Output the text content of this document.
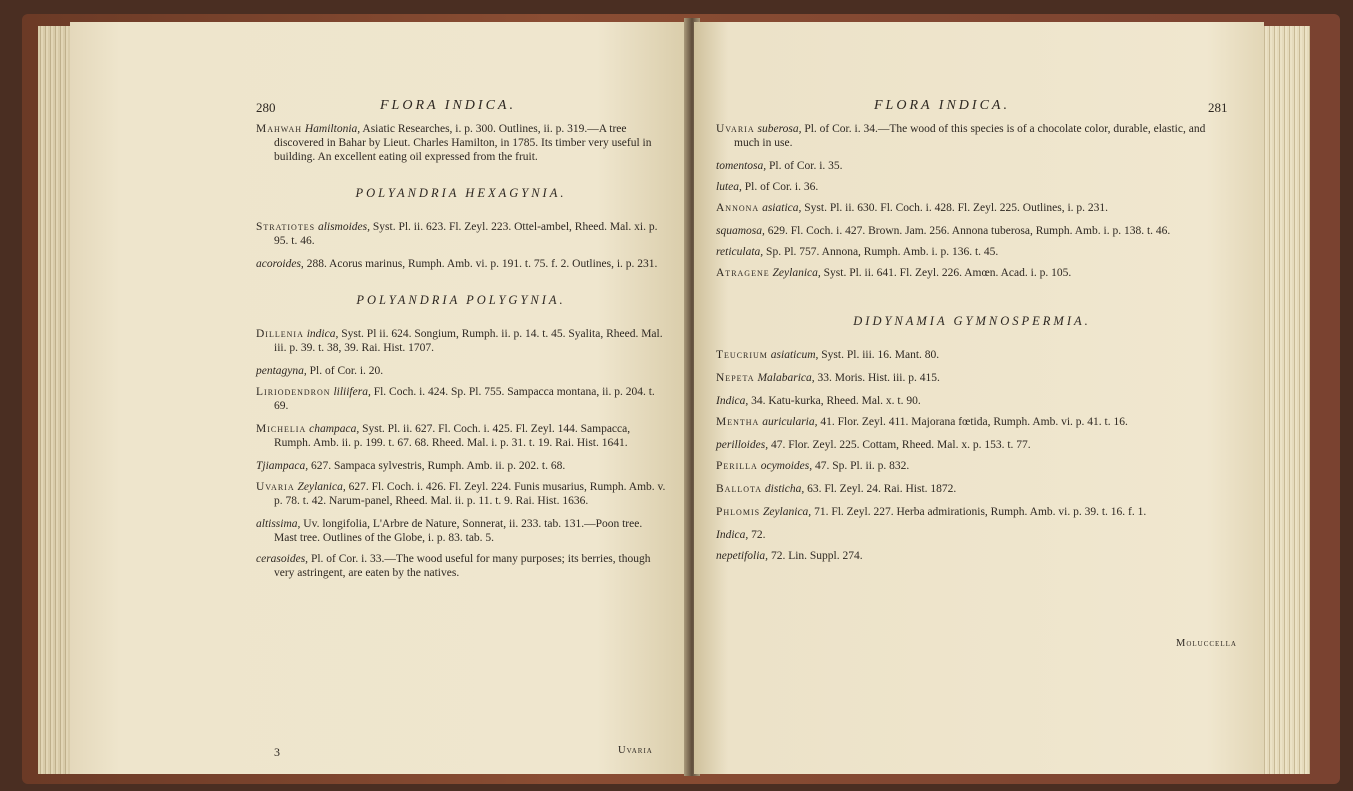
280	FLORA INDICA.
Mahwah Hamiltonia, Asiatic Researches, i. p. 300. Outlines, ii. p. 319.—A tree discovered in Bahar by Lieut. Charles Hamilton, in 1785. Its timber very useful in building. An excellent eating oil expressed from the fruit.
POLYANDRIA HEXAGYNIA.
Stratiotes alismoides, Syst. Pl. ii. 623. Fl. Zeyl. 223. Ottel-ambel, Rheed. Mal. xi. p. 95. t. 46.
acoroides, 288. Acorus marinus, Rumph. Amb. vi. p. 191. t. 75. f. 2. Outlines, i. p. 231.
POLYANDRIA POLYGYNIA.
Dillenia indica, Syst. Pl ii. 624. Songium, Rumph. ii. p. 14. t. 45. Syalita, Rheed. Mal. iii. p. 39. t. 38, 39. Rai. Hist. 1707.
pentagyna, Pl. of Cor. i. 20.
Liriodendron liliifera, Fl. Coch. i. 424. Sp. Pl. 755. Sampacca montana, ii. p. 204. t. 69.
Michelia champaca, Syst. Pl. ii. 627. Fl. Coch. i. 425. Fl. Zeyl. 144. Sampacca, Rumph. Amb. ii. p. 199. t. 67. 68. Rheed. Mal. i. p. 31. t. 19. Rai. Hist. 1641.
Tjiampaca, 627. Sampaca sylvestris, Rumph. Amb. ii. p. 202. t. 68.
Uvaria Zeylanica, 627. Fl. Coch. i. 426. Fl. Zeyl. 224. Funis musarius, Rumph. Amb. v. p. 78. t. 42. Narum-panel, Rheed. Mal. ii. p. 11. t. 9. Rai. Hist. 1636.
altissima, Uv. longifolia, L'Arbre de Nature, Sonnerat, ii. 233. tab. 131.—Poon tree. Mast tree. Outlines of the Globe, i. p. 83. tab. 5.
cerasoides, Pl. of Cor. i. 33.—The wood useful for many purposes; its berries, though very astringent, are eaten by the natives.
3	Uvaria
FLORA INDICA.	281
Uvaria suberosa, Pl. of Cor. i. 34.—The wood of this species is of a chocolate color, durable, elastic, and much in use.
tomentosa, Pl. of Cor. i. 35.
lutea, Pl. of Cor. i. 36.
Annona asiatica, Syst. Pl. ii. 630. Fl. Coch. i. 428. Fl. Zeyl. 225. Outlines, i. p. 231.
squamosa, 629. Fl. Coch. i. 427. Brown. Jam. 256. Annona tuberosa, Rumph. Amb. i. p. 138. t. 46.
reticulata, Sp. Pl. 757. Annona, Rumph. Amb. i. p. 136. t. 45.
Atragene Zeylanica, Syst. Pl. ii. 641. Fl. Zeyl. 226. Amœn. Acad. i. p. 105.
DIDYNAMIA GYMNOSPERMIA.
Teucrium asiaticum, Syst. Pl. iii. 16. Mant. 80.
Nepeta Malabarica, 33. Moris. Hist. iii. p. 415.
Indica, 34. Katu-kurka, Rheed. Mal. x. t. 90.
Mentha auricularia, 41. Flor. Zeyl. 411. Majorana fœtida, Rumph. Amb. vi. p. 41. t. 16.
perilloides, 47. Flor. Zeyl. 225. Cottam, Rheed. Mal. x. p. 153. t. 77.
Perilla ocymoides, 47. Sp. Pl. ii. p. 832.
Ballota disticha, 63. Fl. Zeyl. 24. Rai. Hist. 1872.
Phlomis Zeylanica, 71. Fl. Zeyl. 227. Herba admirationis, Rumph. Amb. vi. p. 39. t. 16. f. 1.
Indica, 72.
nepetifolia, 72. Lin. Suppl. 274.
Moluccella
